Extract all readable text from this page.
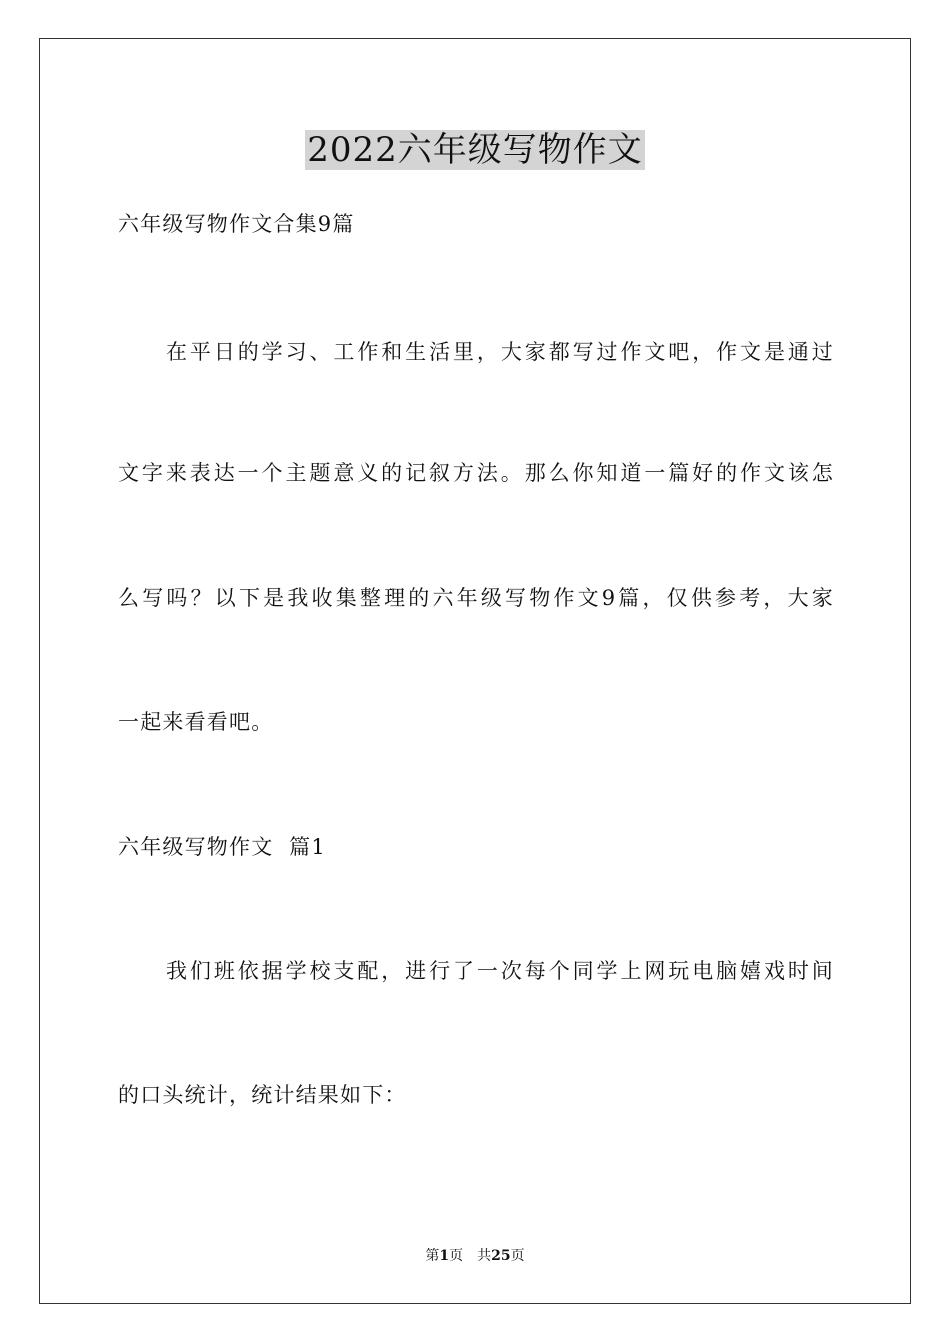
2022六年级写物作文
六年级写物作文合集9篇
在平日的学习、工作和生活里，大家都写过作文吧，作文是通过
文字来表达一个主题意义的记叙方法。那么你知道一篇好的作文该怎
么写吗？以下是我收集整理的六年级写物作文9篇，仅供参考，大家
一起来看看吧。
六年级写物作文  篇1
我们班依据学校支配，进行了一次每个同学上网玩电脑嬉戏时间
的口头统计，统计结果如下：
第1页 共25页
